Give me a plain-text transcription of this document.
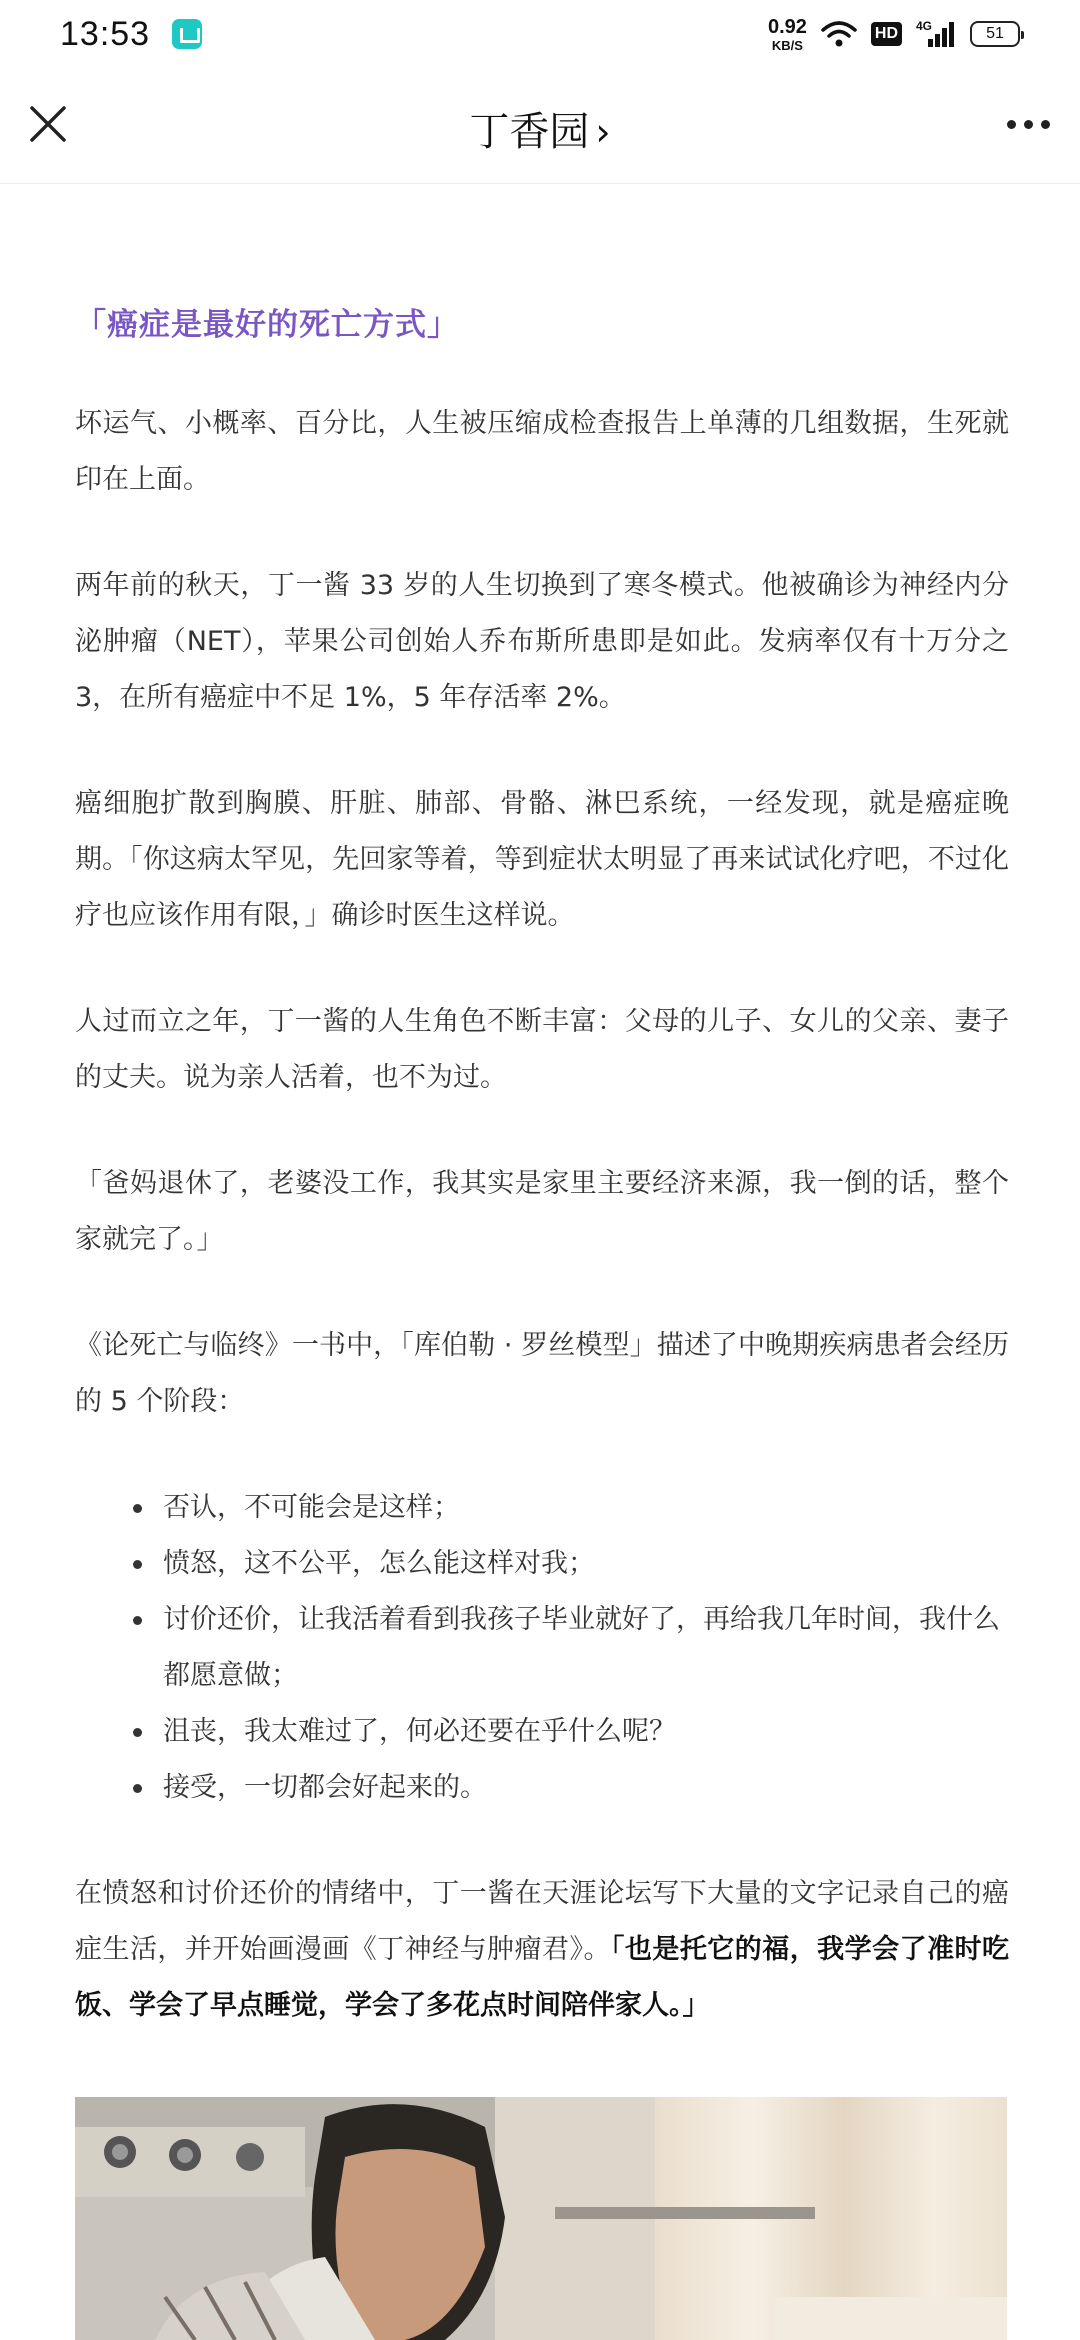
13:53	0.92
KB/S
HD	4G	51
丁香园 ›
「癌症是最好的死亡方式」

坏运气、小概率、百分比，人生被压缩成检查报告上单薄的几组数据，生死就印在上面。

两年前的秋天，丁一酱 33 岁的人生切换到了寒冬模式。他被确诊为神经内分泌肿瘤（NET），苹果公司创始人乔布斯所患即是如此。发病率仅有十万分之 3，在所有癌症中不足 1%，5 年存活率 2%。

癌细胞扩散到胸膜、肝脏、肺部、骨骼、淋巴系统，一经发现，就是癌症晚期。「你这病太罕见，先回家等着，等到症状太明显了再来试试化疗吧，不过化疗也应该作用有限，」确诊时医生这样说。

人过而立之年，丁一酱的人生角色不断丰富：父母的儿子、女儿的父亲、妻子的丈夫。说为亲人活着，也不为过。

「爸妈退休了，老婆没工作，我其实是家里主要经济来源，我一倒的话，整个家就完了。」

《论死亡与临终》一书中，「库伯勒 · 罗丝模型」描述了中晚期疾病患者会经历的 5 个阶段：

否认，不可能会是这样；
愤怒，这不公平，怎么能这样对我；
讨价还价，让我活着看到我孩子毕业就好了，再给我几年时间，我什么都愿意做；
沮丧，我太难过了，何必还要在乎什么呢？
接受，一切都会好起来的。

在愤怒和讨价还价的情绪中，丁一酱在天涯论坛写下大量的文字记录自己的癌症生活，并开始画漫画《丁神经与肿瘤君》。「也是托它的福，我学会了准时吃饭、学会了早点睡觉，学会了多花点时间陪伴家人。」
